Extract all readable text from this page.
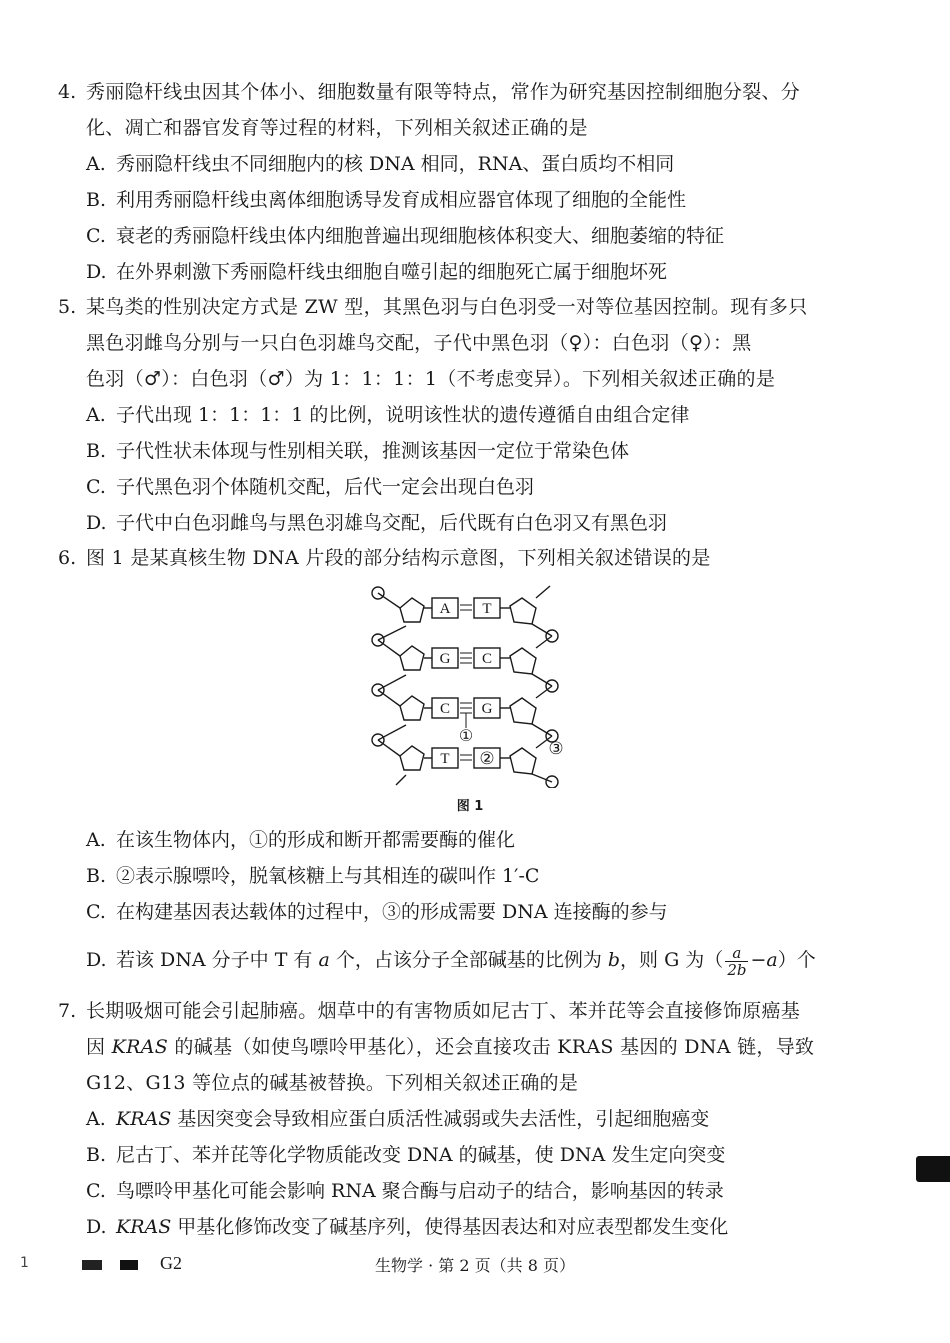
4. 秀丽隐杆线虫因其个体小、细胞数量有限等特点，常作为研究基因控制细胞分裂、分
化、凋亡和器官发育等过程的材料，下列相关叙述正确的是
A. 秀丽隐杆线虫不同细胞内的核 DNA 相同，RNA、蛋白质均不相同
B. 利用秀丽隐杆线虫离体细胞诱导发育成相应器官体现了细胞的全能性
C. 衰老的秀丽隐杆线虫体内细胞普遍出现细胞核体积变大、细胞萎缩的特征
D. 在外界刺激下秀丽隐杆线虫细胞自噬引起的细胞死亡属于细胞坏死
5. 某鸟类的性别决定方式是 ZW 型，其黑色羽与白色羽受一对等位基因控制。现有多只
黑色羽雌鸟分别与一只白色羽雄鸟交配，子代中黑色羽（♀）：白色羽（♀）：黑
色羽（♂）：白色羽（♂）为 1：1：1：1（不考虑变异）。下列相关叙述正确的是
A. 子代出现 1：1：1：1 的比例，说明该性状的遗传遵循自由组合定律
B. 子代性状未体现与性别相关联，推测该基因一定位于常染色体
C. 子代黑色羽个体随机交配，后代一定会出现白色羽
D. 子代中白色羽雌鸟与黑色羽雄鸟交配，后代既有白色羽又有黑色羽
6. 图 1 是某真核生物 DNA 片段的部分结构示意图，下列相关叙述错误的是
A T
G C
C G
T ②
①
③
图 1
A. 在该生物体内，①的形成和断开都需要酶的催化
B. ②表示腺嘌呤，脱氧核糖上与其相连的碳叫作 1′-C
C. 在构建基因表达载体的过程中，③的形成需要 DNA 连接酶的参与
D. 若该 DNA 分子中 T 有 a 个，占该分子全部碱基的比例为 b，则 G 为（ $\frac{a}{2b} -a$）个
7. 长期吸烟可能会引起肺癌。烟草中的有害物质如尼古丁、苯并芘等会直接修饰原癌基
因 KRAS 的碱基（如使鸟嘌呤甲基化），还会直接攻击 KRAS 基因的 DNA 链，导致
G12、G13 等位点的碱基被替换。下列相关叙述正确的是
A. KRAS 基因突变会导致相应蛋白质活性减弱或失去活性，引起细胞癌变
B. 尼古丁、苯并芘等化学物质能改变 DNA 的碱基，使 DNA 发生定向突变
C. 鸟嘌呤甲基化可能会影响 RNA 聚合酶与启动子的结合，影响基因的转录
D. KRAS 甲基化修饰改变了碱基序列，使得基因表达和对应表型都发生变化
1	G2	生物学 · 第 2 页（共 8 页）
